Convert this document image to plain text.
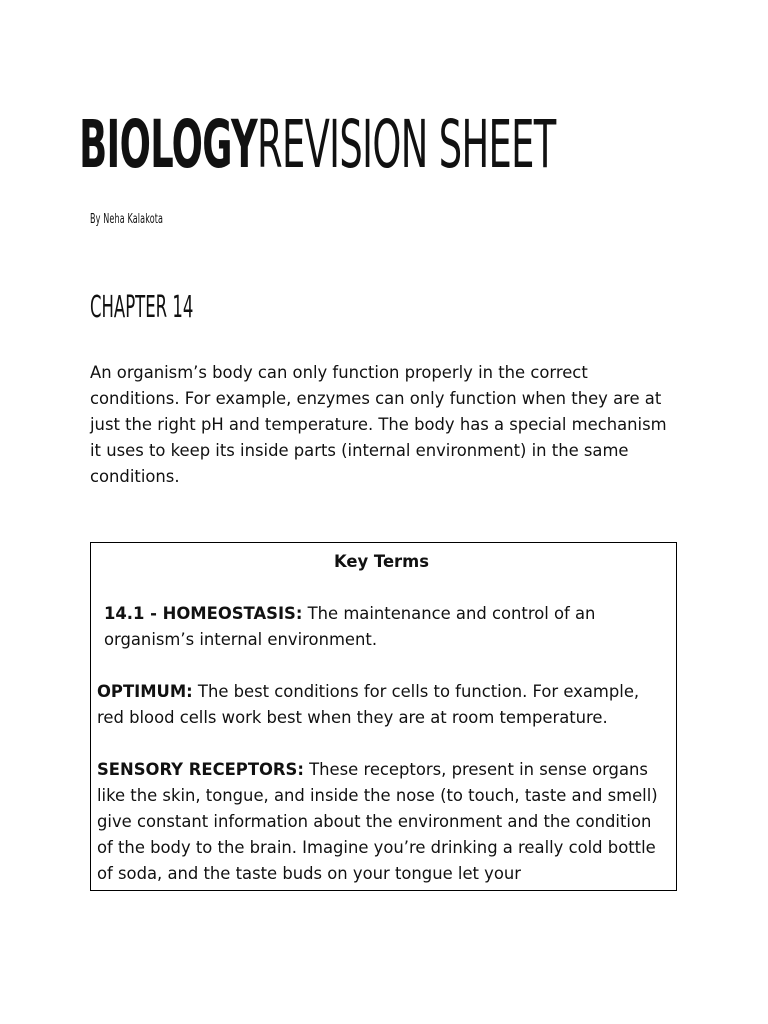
BIOLOGYREVISION SHEET
By Neha Kalakota
CHAPTER 14

An organism’s body can only function properly in the correct conditions. For example, enzymes can only function when they are at just the right pH and temperature. The body has a special mechanism it uses to keep its inside parts (internal environment) in the same conditions.

Key Terms
14.1 - HOMEOSTASIS: The maintenance and control of an organism’s internal environment.
OPTIMUM: The best conditions for cells to function. For example, red blood cells work best when they are at room temperature.
SENSORY RECEPTORS: These receptors, present in sense organs like the skin, tongue, and inside the nose (to touch, taste and smell) give constant information about the environment and the condition of the body to the brain. Imagine you’re drinking a really cold bottle of soda, and the taste buds on your tongue let your
